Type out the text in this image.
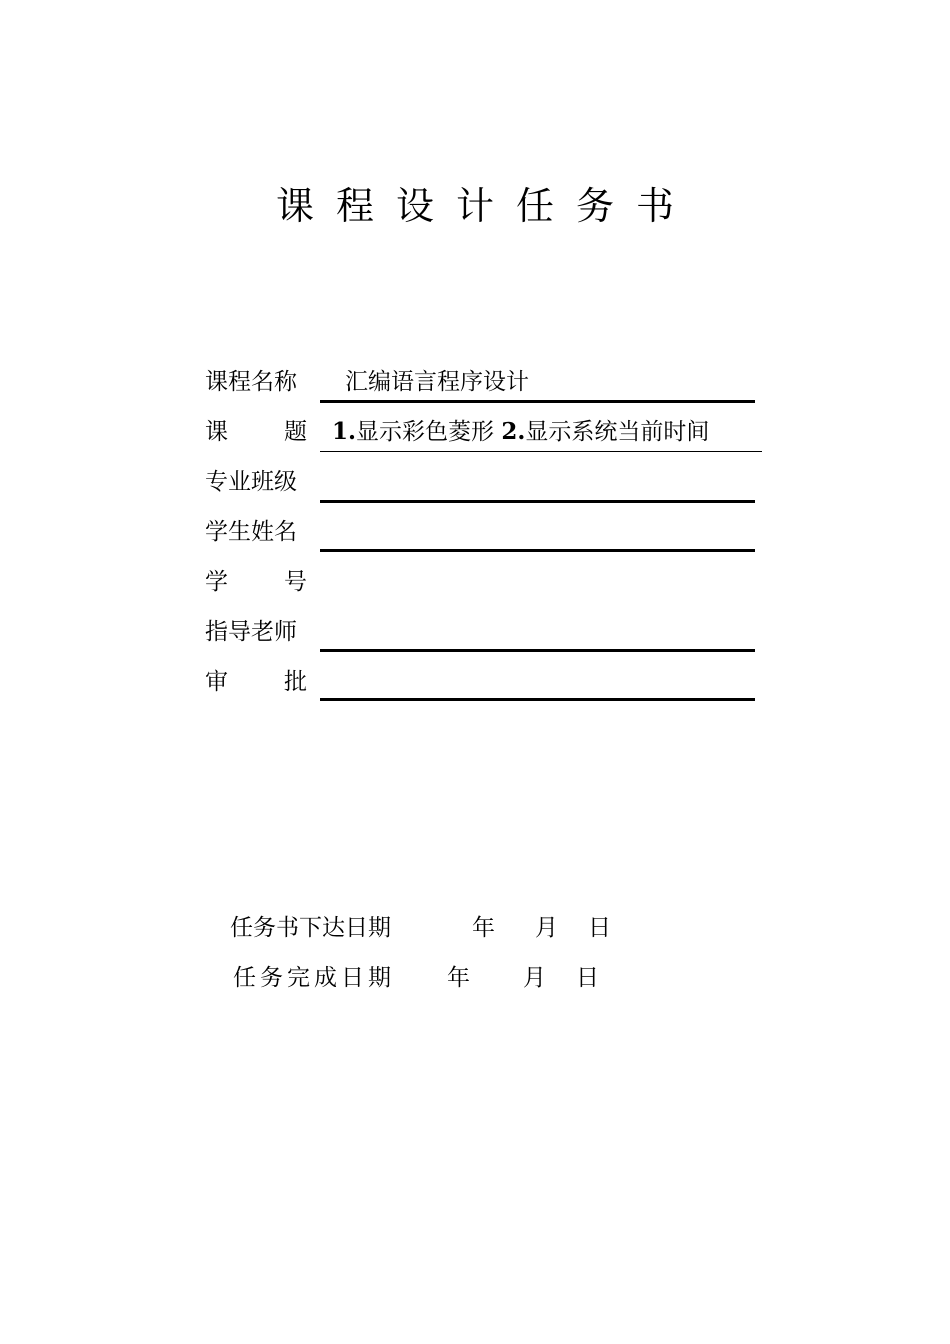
课程设计任务书
课程名称 汇编语言程序设计
课 题 1.显示彩色菱形 2.显示系统当前时间
专业班级
学生姓名
学 号
指导老师
审 批
任务书下达日期	年 月 日
任务完成日期 年 月 日
